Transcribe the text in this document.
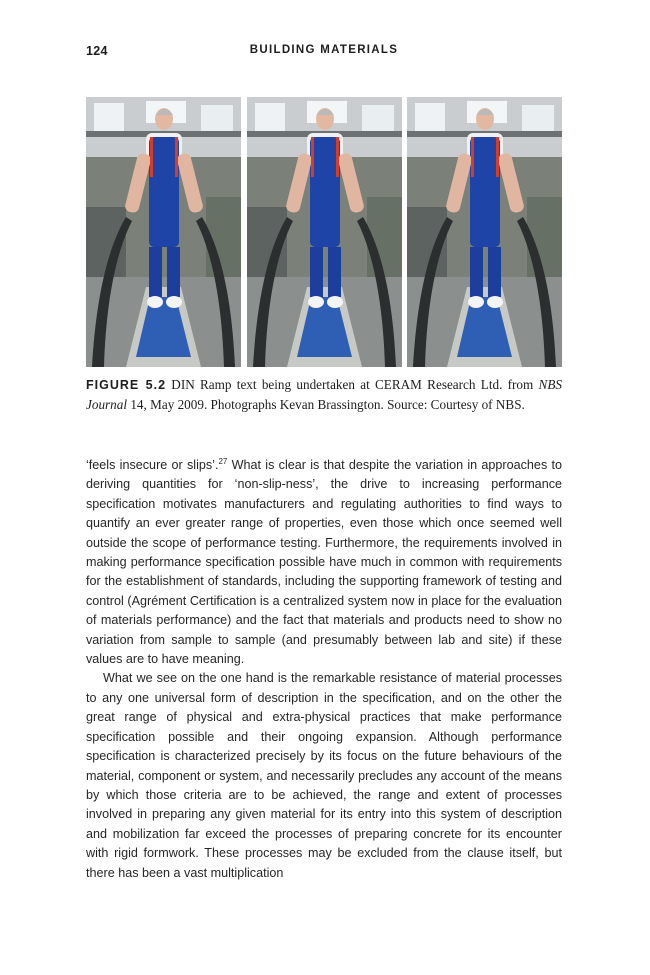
124	BUILDING MATERIALS
FIGURE 5.2 DIN Ramp text being undertaken at CERAM Research Ltd. from NBS Journal 14, May 2009. Photographs Kevan Brassington. Source: Courtesy of NBS.

‘feels insecure or slips’.$^{27}$ What is clear is that despite the variation in approaches to deriving quantities for ‘non-slip-ness’, the drive to increasing performance specification motivates manufacturers and regulating authorities to find ways to quantify an ever greater range of properties, even those which once seemed well outside the scope of performance testing. Furthermore, the requirements involved in making performance specification possible have much in common with requirements for the establishment of standards, including the supporting framework of testing and control (Agrément Certification is a centralized system now in place for the evaluation of materials performance) and the fact that materials and products need to show no variation from sample to sample (and presumably between lab and site) if these values are to have meaning.

What we see on the one hand is the remarkable resistance of material processes to any one universal form of description in the specification, and on the other the great range of physical and extra-physical practices that make performance specification possible and their ongoing expansion. Although performance specification is characterized precisely by its focus on the future behaviours of the material, component or system, and necessarily precludes any account of the means by which those criteria are to be achieved, the range and extent of processes involved in preparing any given material for its entry into this system of description and mobilization far exceed the processes of preparing concrete for its encounter with rigid formwork. These processes may be excluded from the clause itself, but there has been a vast multiplication
